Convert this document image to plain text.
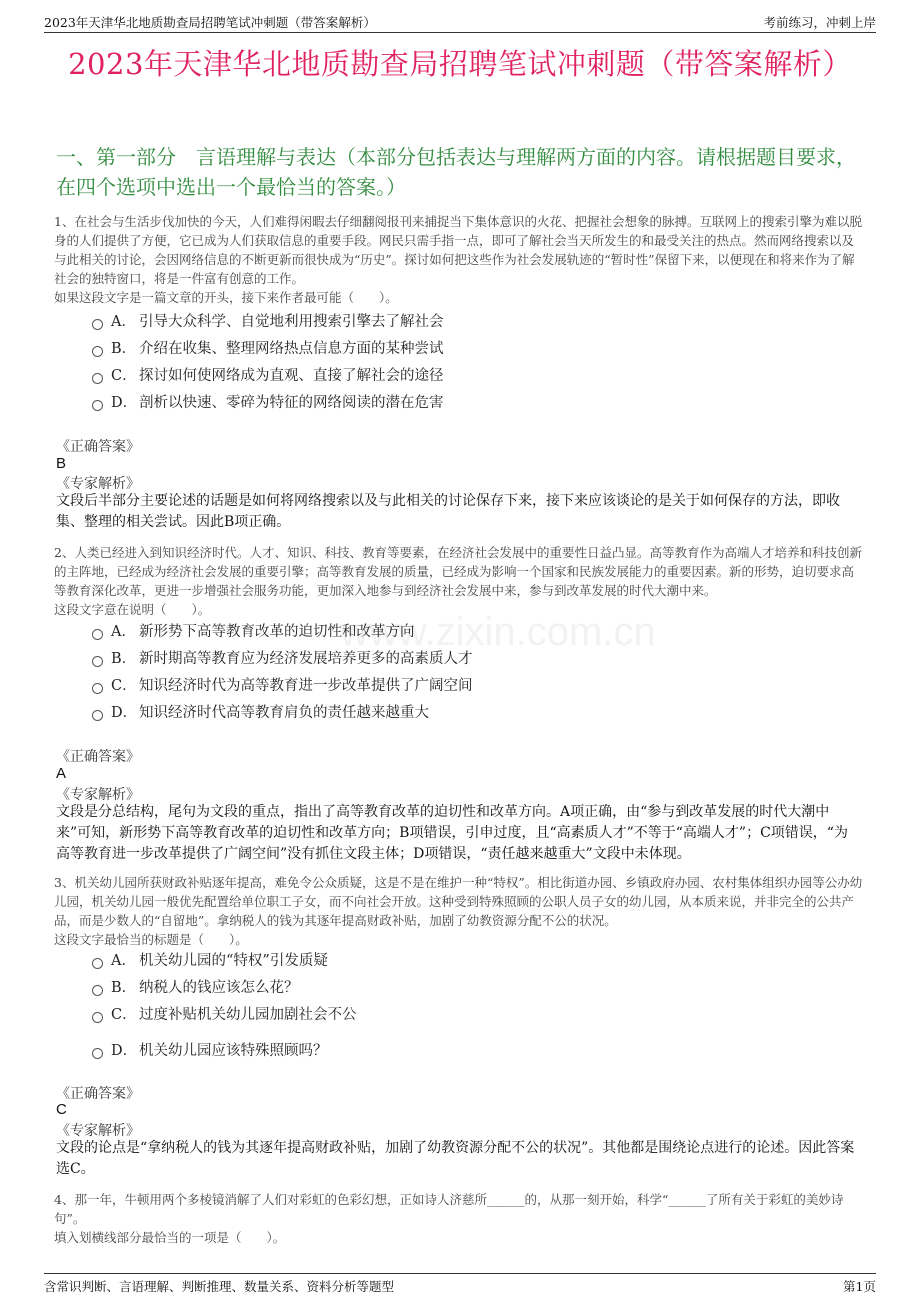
2023年天津华北地质勘查局招聘笔试冲刺题（带答案解析）	考前练习，冲刺上岸
2023年天津华北地质勘查局招聘笔试冲刺题（带答案解析）
一、第一部分　言语理解与表达（本部分包括表达与理解两方面的内容。请根据题目要求，在四个选项中选出一个最恰当的答案。）
www.zixin.com.cn

1、在社会与生活步伐加快的今天，人们难得闲暇去仔细翻阅报刊来捕捉当下集体意识的火花、把握社会想象的脉搏。互联网上的搜索引擎为难以脱身的人们提供了方便，它已成为人们获取信息的重要手段。网民只需手指一点，即可了解社会当天所发生的和最受关注的热点。然而网络搜索以及与此相关的讨论，会因网络信息的不断更新而很快成为“历史”。探讨如何把这些作为社会发展轨迹的“暂时性”保留下来，以便现在和将来作为了解社会的独特窗口，将是一件富有创意的工作。

如果这段文字是一篇文章的开头，接下来作者最可能（　　）。

A． 引导大众科学、自觉地利用搜索引擎去了解社会
B． 介绍在收集、整理网络热点信息方面的某种尝试
C． 探讨如何使网络成为直观、直接了解社会的途径
D． 剖析以快速、零碎为特征的网络阅读的潜在危害
《正确答案》
B
《专家解析》
文段后半部分主要论述的话题是如何将网络搜索以及与此相关的讨论保存下来，接下来应该谈论的是关于如何保存的方法，即收集、整理的相关尝试。因此B项正确。

2、人类已经进入到知识经济时代。人才、知识、科技、教育等要素，在经济社会发展中的重要性日益凸显。高等教育作为高端人才培养和科技创新的主阵地，已经成为经济社会发展的重要引擎；高等教育发展的质量，已经成为影响一个国家和民族发展能力的重要因素。新的形势，迫切要求高等教育深化改革，更进一步增强社会服务功能，更加深入地参与到经济社会发展中来，参与到改革发展的时代大潮中来。

这段文字意在说明（　　）。

A． 新形势下高等教育改革的迫切性和改革方向
B． 新时期高等教育应为经济发展培养更多的高素质人才
C． 知识经济时代为高等教育进一步改革提供了广阔空间
D． 知识经济时代高等教育肩负的责任越来越重大
《正确答案》
A
《专家解析》
文段是分总结构，尾句为文段的重点，指出了高等教育改革的迫切性和改革方向。A项正确，由“参与到改革发展的时代大潮中来”可知，新形势下高等教育改革的迫切性和改革方向；B项错误，引申过度，且“高素质人才”不等于“高端人才”；C项错误，“为高等教育进一步改革提供了广阔空间”没有抓住文段主体；D项错误，“责任越来越重大”文段中未体现。

3、机关幼儿园所获财政补贴逐年提高，难免令公众质疑，这是不是在维护一种“特权”。相比街道办园、乡镇政府办园、农村集体组织办园等公办幼儿园，机关幼儿园一般优先配置给单位职工子女，而不向社会开放。这种受到特殊照顾的公职人员子女的幼儿园，从本质来说，并非完全的公共产品，而是少数人的“自留地”。拿纳税人的钱为其逐年提高财政补贴，加剧了幼教资源分配不公的状况。

这段文字最恰当的标题是（　　）。

A． 机关幼儿园的“特权”引发质疑
B． 纳税人的钱应该怎么花？
C． 过度补贴机关幼儿园加剧社会不公
D． 机关幼儿园应该特殊照顾吗？
《正确答案》
C
《专家解析》
文段的论点是“拿纳税人的钱为其逐年提高财政补贴，加剧了幼教资源分配不公的状况”。其他都是围绕论点进行的论述。因此答案选C。

4、那一年，牛顿用两个多棱镜消解了人们对彩虹的色彩幻想，正如诗人济慈所______的，从那一刻开始，科学“______了所有关于彩虹的美妙诗句”。

填入划横线部分最恰当的一项是（　　）。

含常识判断、言语理解、判断推理、数量关系、资料分析等题型	第1页
